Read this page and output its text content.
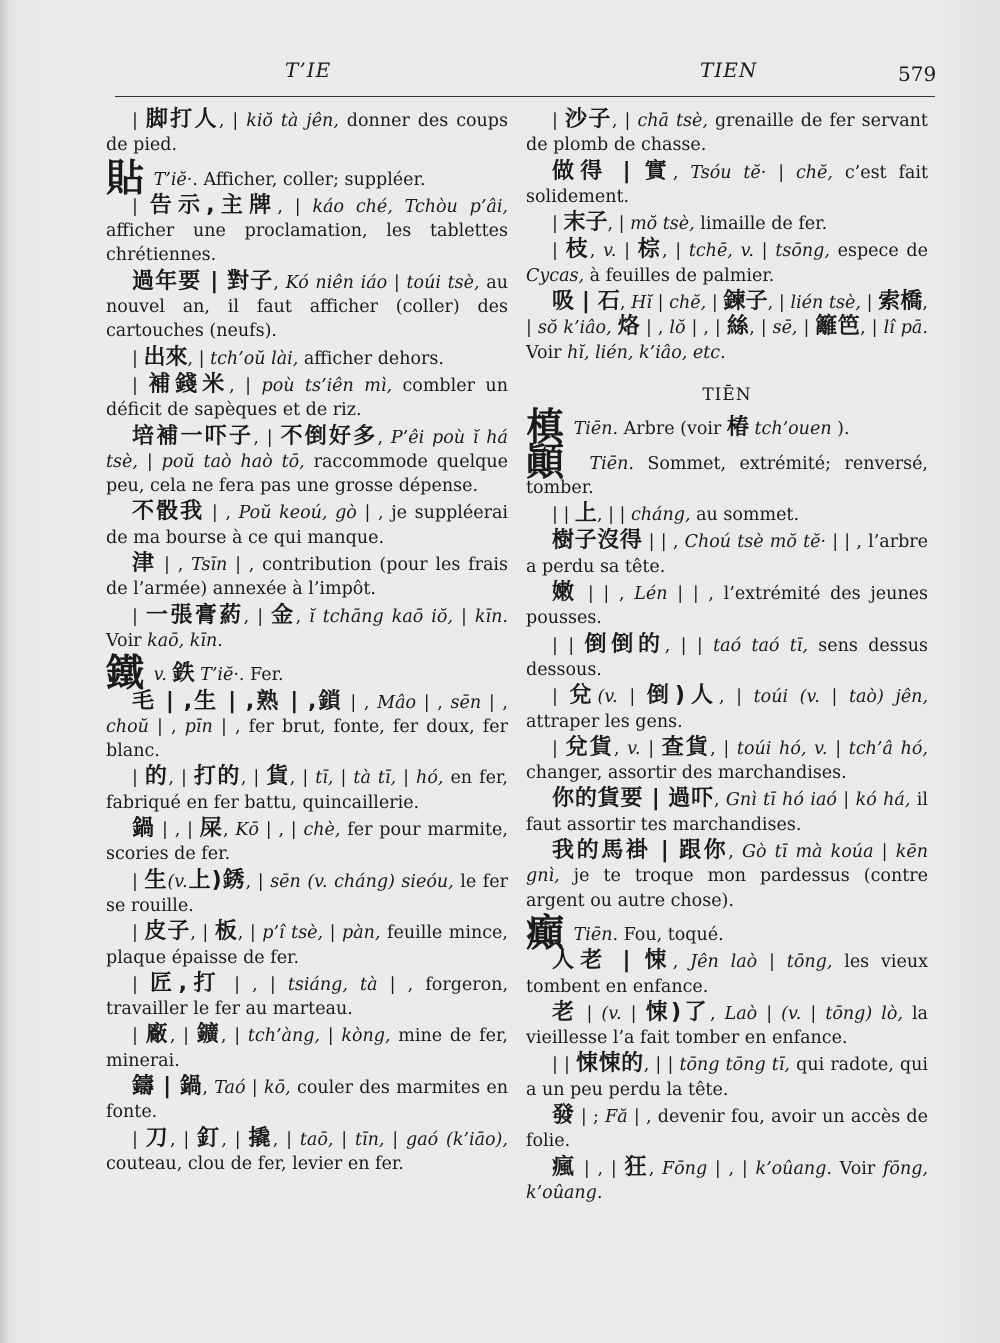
T’IE	TIEN	579
| 脚打人, | kiŏ tà jên, donner des coups de pied.
貼 T’iĕ·. Afficher, coller; suppléer.
| 告示,主牌, | káo ché, Tchòu p’âi, afficher une proclamation, les tablettes chrétiennes.
過年要 | 對子, Kó niên iáo | toúi tsè, au nouvel an, il faut afficher (coller) des cartouches (neufs).
| 出來, | tch’oŭ lài, afficher dehors.
| 補錢米, | poù ts’iên mì, combler un déficit de sapèques et de riz.
培補一吓子, | 不倒好多, P’êi poù ĭ há tsè, | poŭ taò haò tō, raccommode quelque peu, cela ne fera pas une grosse dépense.
不骰我 | , Poŭ keoú, gò | , je suppléerai de ma bourse à ce qui manque.
津 | , Tsīn | , contribution (pour les frais de l’armée) annexée à l’impôt.
| 一張膏葯, | 金, ĭ tchāng kaō iŏ, | kīn. Voir kaō, kīn.
鐵 v. 鉄 T’iĕ·. Fer.
毛 | ,生 | ,熟 | ,鎖 | , Mâo | , sēn | , choŭ | , pīn | , fer brut, fonte, fer doux, fer blanc.
| 的, | 打的, | 貨, | tī, | tà tī, | hó, en fer, fabriqué en fer battu, quincaillerie.
鍋 | , | 屎, Kō | , | chè, fer pour marmite, scories de fer.
| 生(v.上)銹, | sēn (v. cháng) sieóu, le fer se rouille.
| 皮子, | 板, | p’î tsè, | pàn, feuille mince, plaque épaisse de fer.
| 匠,打 | , | tsiáng, tà | , forgeron, travailler le fer au marteau.
| 廠, | 鑛, | tch’àng, | kòng, mine de fer, minerai.
鑄 | 鍋, Taó | kō, couler des marmites en fonte.
| 刀, | 釘, | 撬, | taō, | tīn, | gaó (k’iāo), couteau, clou de fer, levier en fer.
| 沙子, | chā tsè, grenaille de fer servant de plomb de chasse.
做得 | 實, Tsóu tĕ· | chĕ, c’est fait solidement.
| 末子, | mŏ tsè, limaille de fer.
| 枝, v. | 棕, | tchē, v. | tsōng, espece de Cycas, à feuilles de palmier.
吸 | 石, Hĭ | chĕ, | 鍊子, | lién tsè, | 索橋, | sŏ k’iâo, 烙 | , lŏ | , | 絲, | sē, | 籬笆, | lî pā. Voir hĭ, lién, k’iâo, etc.
TIĒN
槙 Tiēn. Arbre (voir 椿 tch’ouen ).
顚 Tiēn. Sommet, extrémité; renversé, tomber.
| | 上, | | cháng, au sommet.
樹子沒得 | | , Choú tsè mŏ tĕ· | | , l’arbre a perdu sa tête.
嫩 | | , Lén | | , l’extrémité des jeunes pousses.
| | 倒倒的, | | taó taó tī, sens dessus dessous.
| 兌(v. | 倒)人, | toúi (v. | taò) jên, attraper les gens.
| 兌貨, v. | 查貨, | toúi hó, v. | tch’â hó, changer, assortir des marchandises.
你的貨要 | 過吓, Gnì tī hó iaó | kó há, il faut assortir tes marchandises.
我的馬褂 | 跟你, Gò tī mà koúa | kēn gnì, je te troque mon pardessus (contre argent ou autre chose).
癲 Tiēn. Fou, toqué.
人老 | 悚, Jên laò | tōng, les vieux tombent en enfance.
老 | (v. | 悚)了, Laò | (v. | tōng) lò, la vieillesse l’a fait tomber en enfance.
| | 悚悚的, | | tōng tōng tī, qui radote, qui a un peu perdu la tête.
發 | ; Fă | , devenir fou, avoir un accès de folie.
瘋 | , | 狂, Fōng | , | k’oûang. Voir fōng, k’oûang.
